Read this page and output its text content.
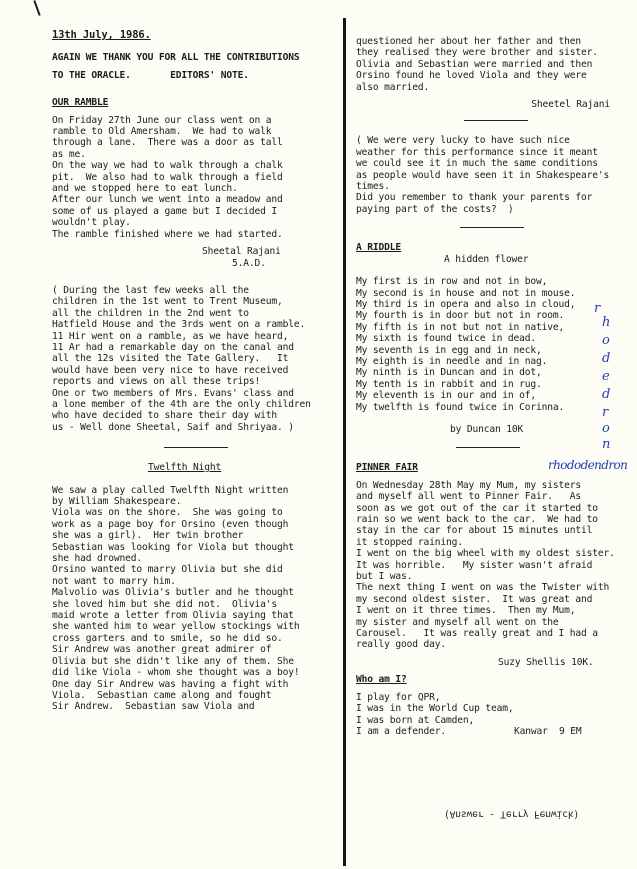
13th July, 1986.
AGAIN WE THANK YOU FOR ALL THE CONTRIBUTIONS
TO THE ORACLE.       EDITORS' NOTE.
OUR RAMBLE
On Friday 27th June our class went on a
ramble to Old Amersham.  We had to walk
through a lane.  There was a door as tall
as me.
On the way we had to walk through a chalk
pit.  We also had to walk through a field
and we stopped here to eat lunch.
After our lunch we went into a meadow and
some of us played a game but I decided I
wouldn't play.
The ramble finished where we had started.
Sheetal Rajani
5.A.D.
( During the last few weeks all the
children in the 1st went to Trent Museum,
all the children in the 2nd went to
Hatfield House and the 3rds went on a ramble.
11 Hir went on a ramble, as we have heard,
11 Ar had a remarkable day on the canal and
all the 12s visited the Tate Gallery.   It
would have been very nice to have received
reports and views on all these trips!
One or two members of Mrs. Evans' class and
a lone member of the 4th are the only children
who have decided to share their day with
us - Well done Sheetal, Saif and Shriyaa. )
Twelfth Night
We saw a play called Twelfth Night written
by William Shakespeare.
Viola was on the shore.  She was going to
work as a page boy for Orsino (even though
she was a girl).  Her twin brother
Sebastian was looking for Viola but thought
she had drowned.
Orsino wanted to marry Olivia but she did
not want to marry him.
Malvolio was Olivia's butler and he thought
she loved him but she did not.  Olivia's
maid wrote a letter from Olivia saying that
she wanted him to wear yellow stockings with
cross garters and to smile, so he did so.
Sir Andrew was another great admirer of
Olivia but she didn't like any of them. She
did like Viola - whom she thought was a boy!
One day Sir Andrew was having a fight with
Viola.  Sebastian came along and fought
Sir Andrew.  Sebastian saw Viola and
questioned her about her father and then
they realised they were brother and sister.
Olivia and Sebastian were married and then
Orsino found he loved Viola and they were
also married.
Sheetel Rajani
( We were very lucky to have such nice
weather for this performance since it meant
we could see it in much the same conditions
as people would have seen it in Shakespeare's
times.
Did you remember to thank your parents for
paying part of the costs?  )
A RIDDLE
A hidden flower
My first is in row and not in bow,
My second is in house and not in mouse.
My third is in opera and also in cloud,
My fourth is in door but not in room.
My fifth is in not but not in native,
My sixth is found twice in dead.
My seventh is in egg and in neck,
My eighth is in needle and in nag.
My ninth is in Duncan and in dot,
My tenth is in rabbit and in rug.
My eleventh is in our and in of,
My twelfth is found twice in Corinna.
by Duncan 10K
PINNER FAIR
On Wednesday 28th May my Mum, my sisters
and myself all went to Pinner Fair.   As
soon as we got out of the car it started to
rain so we went back to the car.  We had to
stay in the car for about 15 minutes until
it stopped raining.
I went on the big wheel with my oldest sister.
It was horrible.   My sister wasn't afraid
but I was.
The next thing I went on was the Twister with
my second oldest sister.  It was great and
I went on it three times.  Then my Mum,
my sister and myself all went on the
Carousel.   It was really great and I had a
really good day.
Suzy Shellis 10K.
Who am I?
I play for QPR,
I was in the World Cup team,
I was born at Camden,
I am a defender.	Kanwar  9 EM
(Answer - Terry Fenwick)
r
h
o
d
e
d
r
o
n
rhododendron
